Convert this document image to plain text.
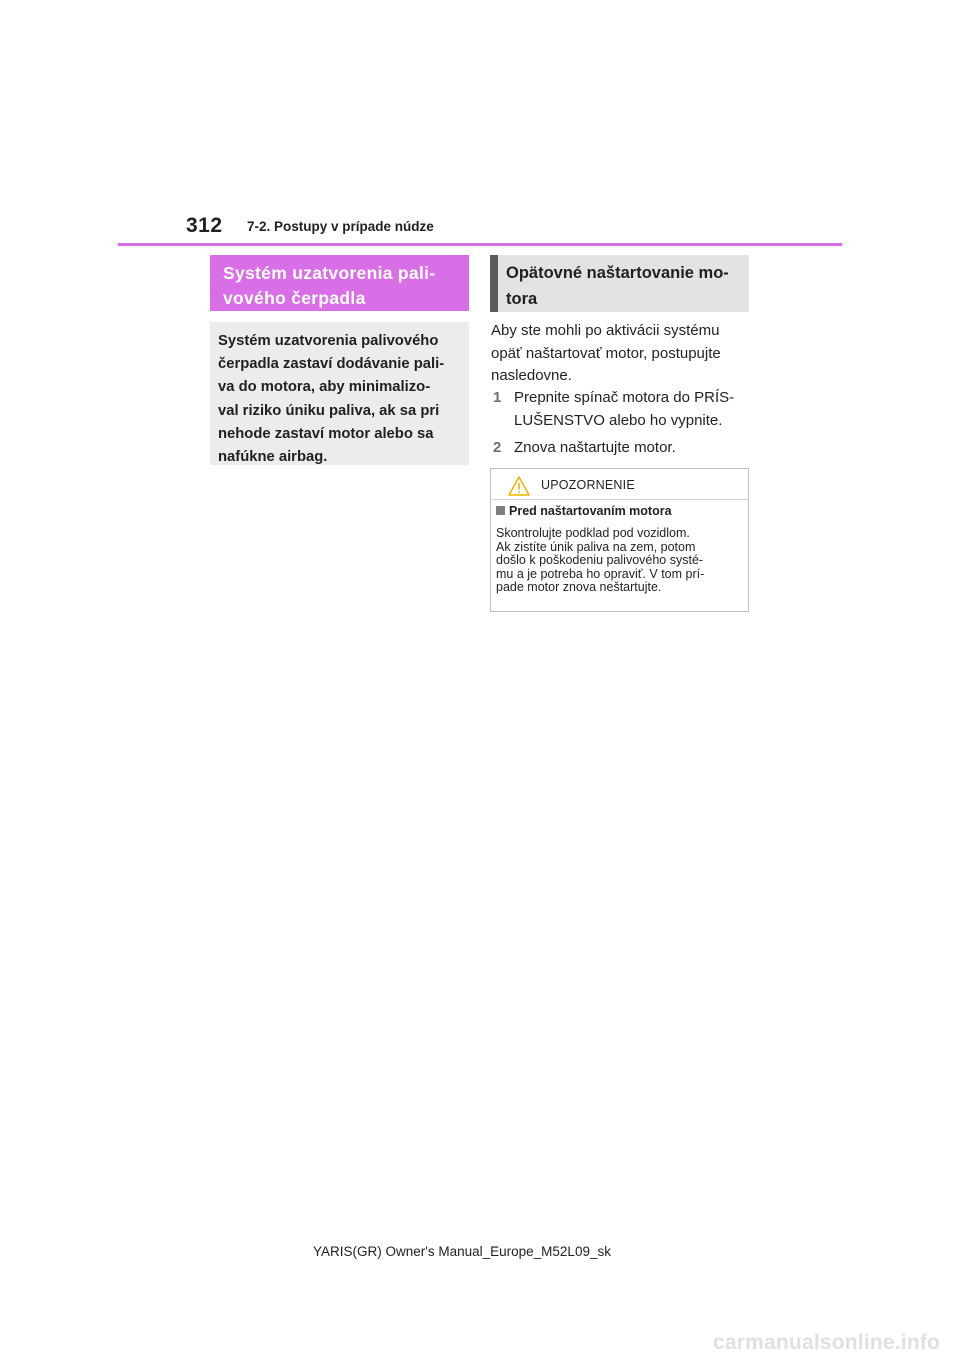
312 7-2. Postupy v prípade núdze
Systém uzatvorenia pali-
vového čerpadla
Systém uzatvorenia palivového
čerpadla zastaví dodávanie pali-
va do motora, aby minimalizo-
val riziko úniku paliva, ak sa pri
nehode zastaví motor alebo sa
nafúkne airbag.
Opätovné naštartovanie mo-
tora
Aby ste mohli po aktivácii systému
opäť naštartovať motor, postupujte
nasledovne.
1 Prepnite spínač motora do PRÍS-
LUŠENSTVO alebo ho vypnite.
2 Znova naštartujte motor.
UPOZORNENIE
Pred naštartovaním motora
Skontrolujte podklad pod vozidlom.
Ak zistíte únik paliva na zem, potom
došlo k poškodeniu palivového systé-
mu a je potreba ho opraviť. V tom prí-
pade motor znova neštartujte.
YARIS(GR) Owner's Manual_Europe_M52L09_sk
carmanualsonline.info
